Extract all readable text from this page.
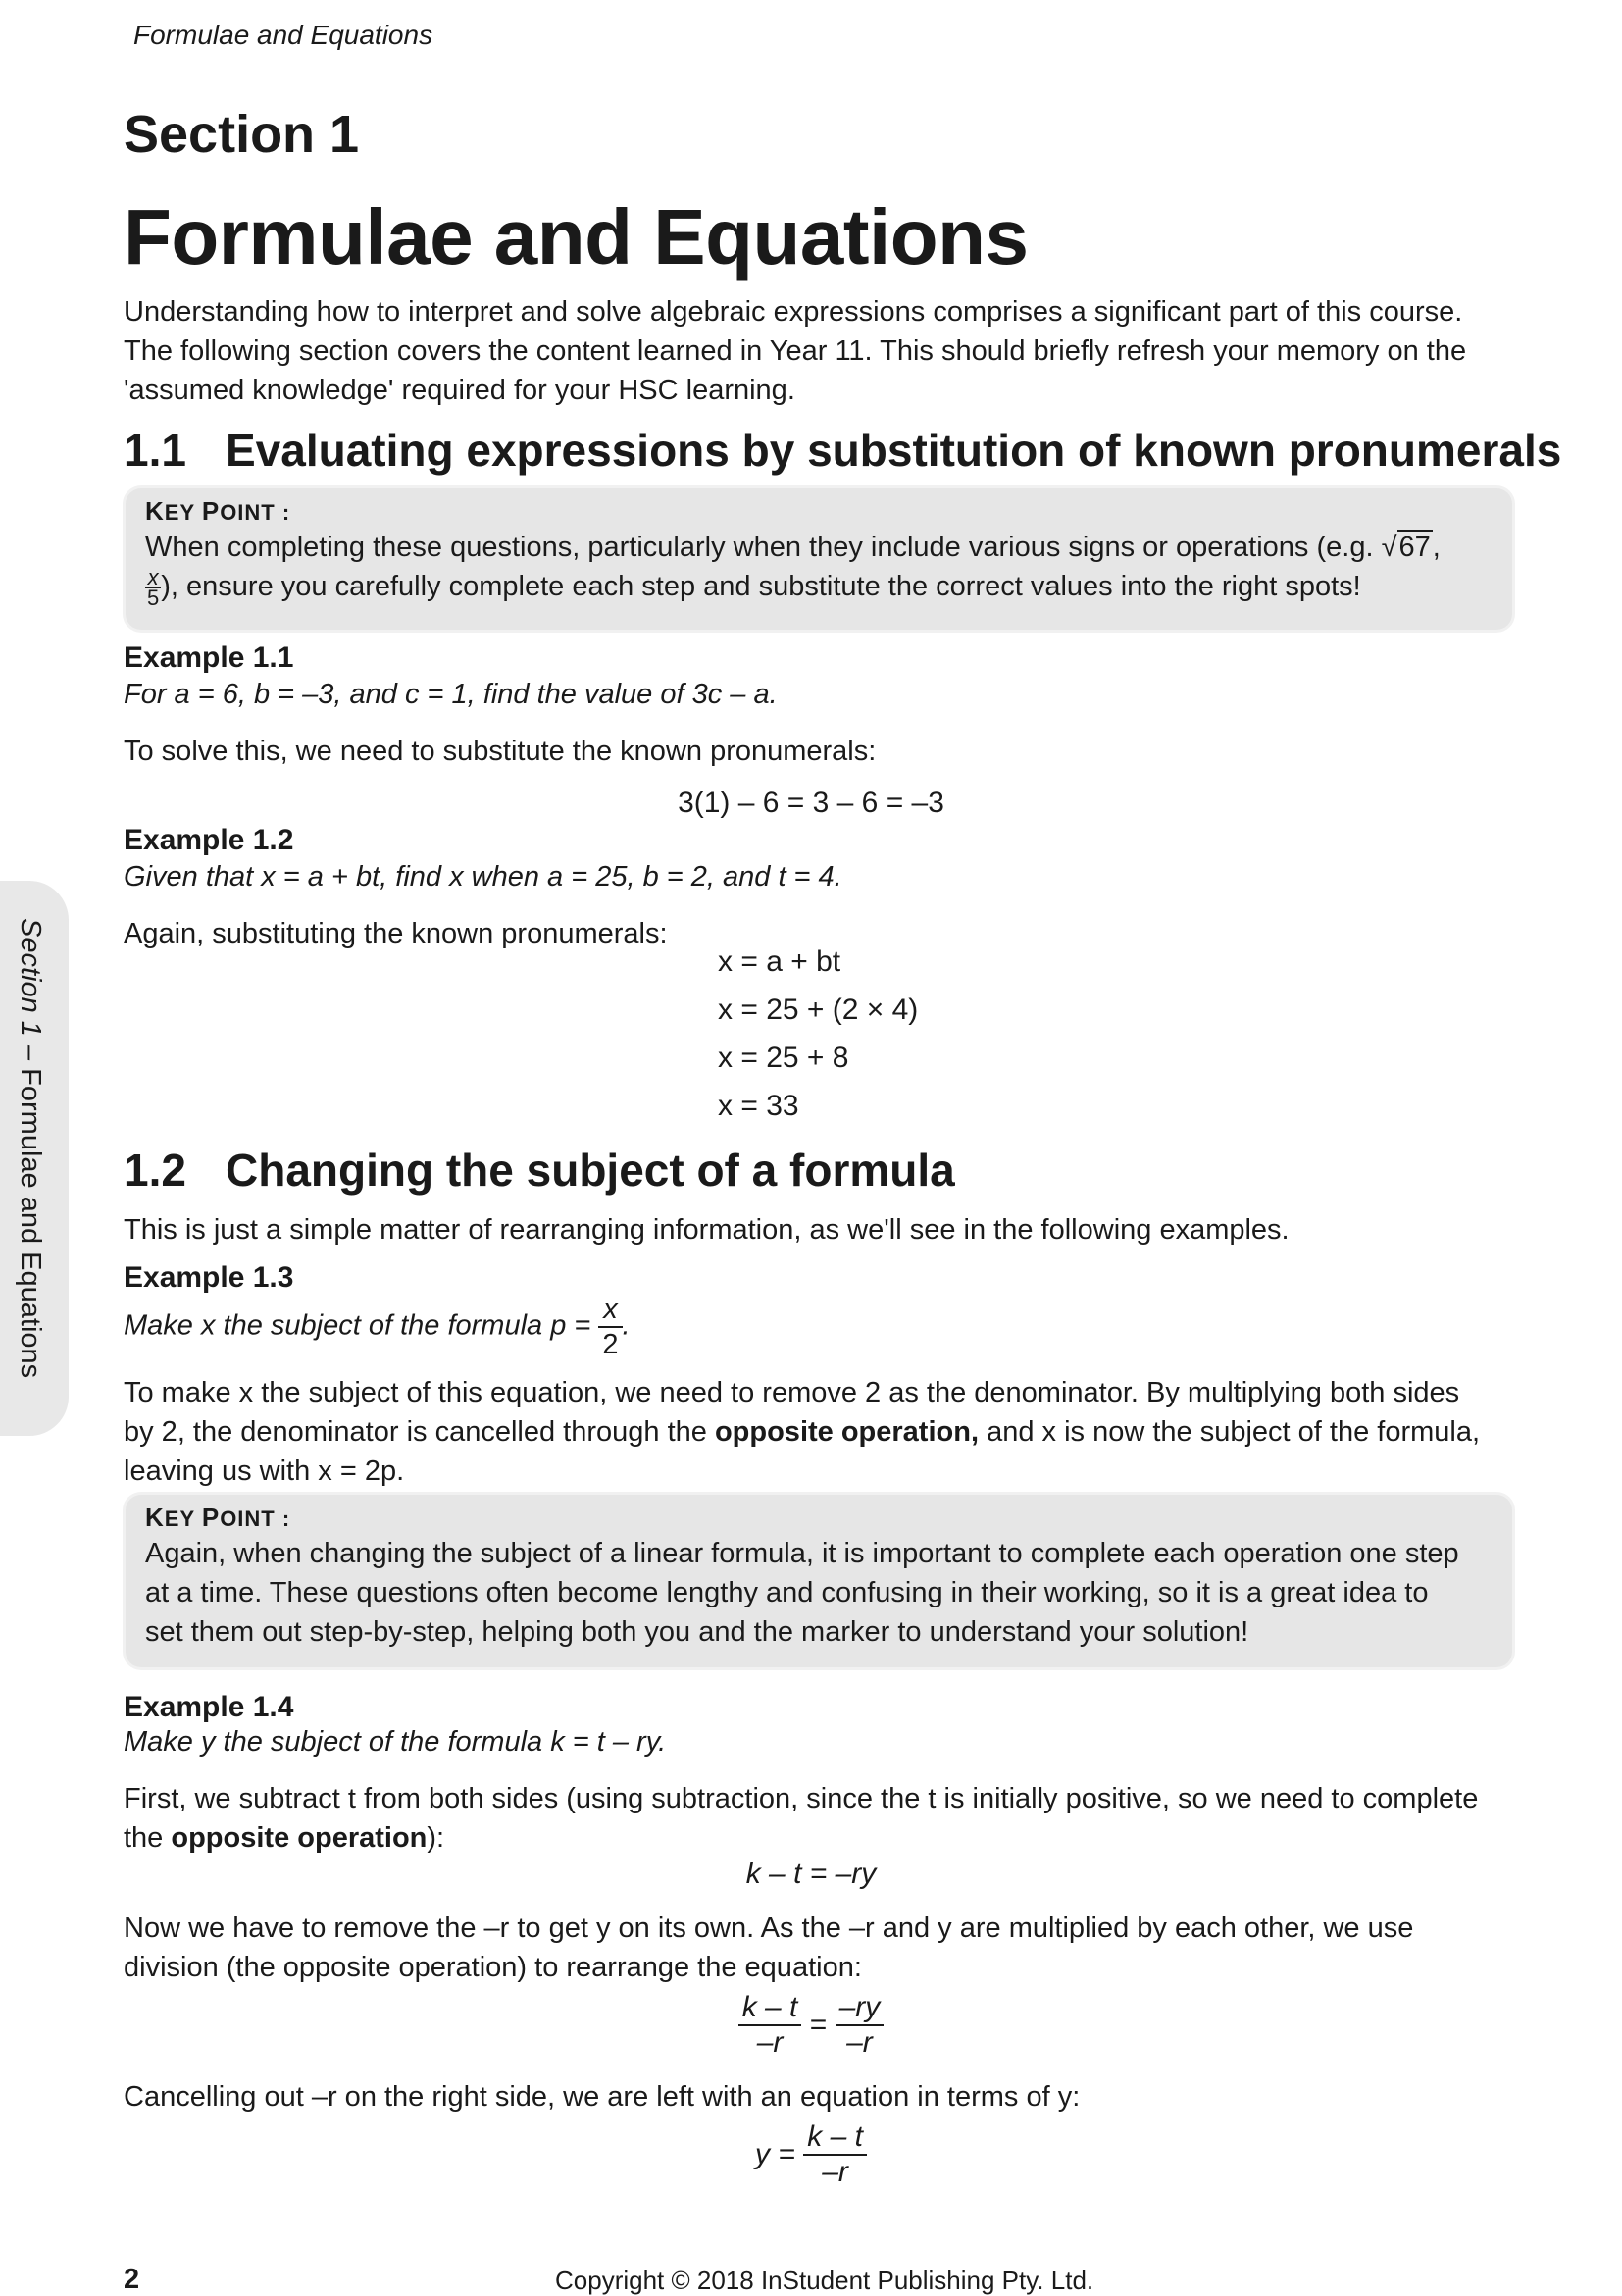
Formulae and Equations
Section 1
Formulae and Equations
Understanding how to interpret and solve algebraic expressions comprises a significant part of this course.
The following section covers the content learned in Year 11. This should briefly refresh your memory on the
'assumed knowledge' required for your HSC learning.
1.1 Evaluating expressions by substitution of known pronumerals
KEY POINT :
When completing these questions, particularly when they include various signs or operations (e.g. √67,
$\frac{x}{5}$ ), ensure you carefully complete each step and substitute the correct values into the right spots!
Example 1.1
For a = 6, b = –3, and c = 1, find the value of 3c – a.
To solve this, we need to substitute the known pronumerals:
3(1) – 6 = 3 – 6 = –3
Example 1.2
Given that x = a + bt, find x when a = 25, b = 2, and t = 4.
Again, substituting the known pronumerals:
x = a + bt
x = 25 + (2 × 4)
x = 25 + 8
x = 33
1.2 Changing the subject of a formula
This is just a simple matter of rearranging information, as we'll see in the following examples.
Example 1.3
Make x the subject of the formula $p = \frac{x}{2}$ .
To make x the subject of this equation, we need to remove 2 as the denominator. By multiplying both sides
by 2, the denominator is cancelled through the opposite operation, and x is now the subject of the formula,
leaving us with x = 2p.
KEY POINT :
Again, when changing the subject of a linear formula, it is important to complete each operation one step
at a time. These questions often become lengthy and confusing in their working, so it is a great idea to
set them out step-by-step, helping both you and the marker to understand your solution!
Example 1.4
Make y the subject of the formula k = t – ry.
First, we subtract t from both sides (using subtraction, since the t is initially positive, so we need to complete
the opposite operation):
k – t = –ry
Now we have to remove the –r to get y on its own. As the –r and y are multiplied by each other, we use
division (the opposite operation) to rearrange the equation:
$\frac{k - t}{-r} = \frac{-ry}{-r}$
Cancelling out –r on the right side, we are left with an equation in terms of y:
$y = \frac{k - t}{-r}$
Section 1 – Formulae and Equations
2	Copyright © 2018 InStudent Publishing Pty. Ltd.
